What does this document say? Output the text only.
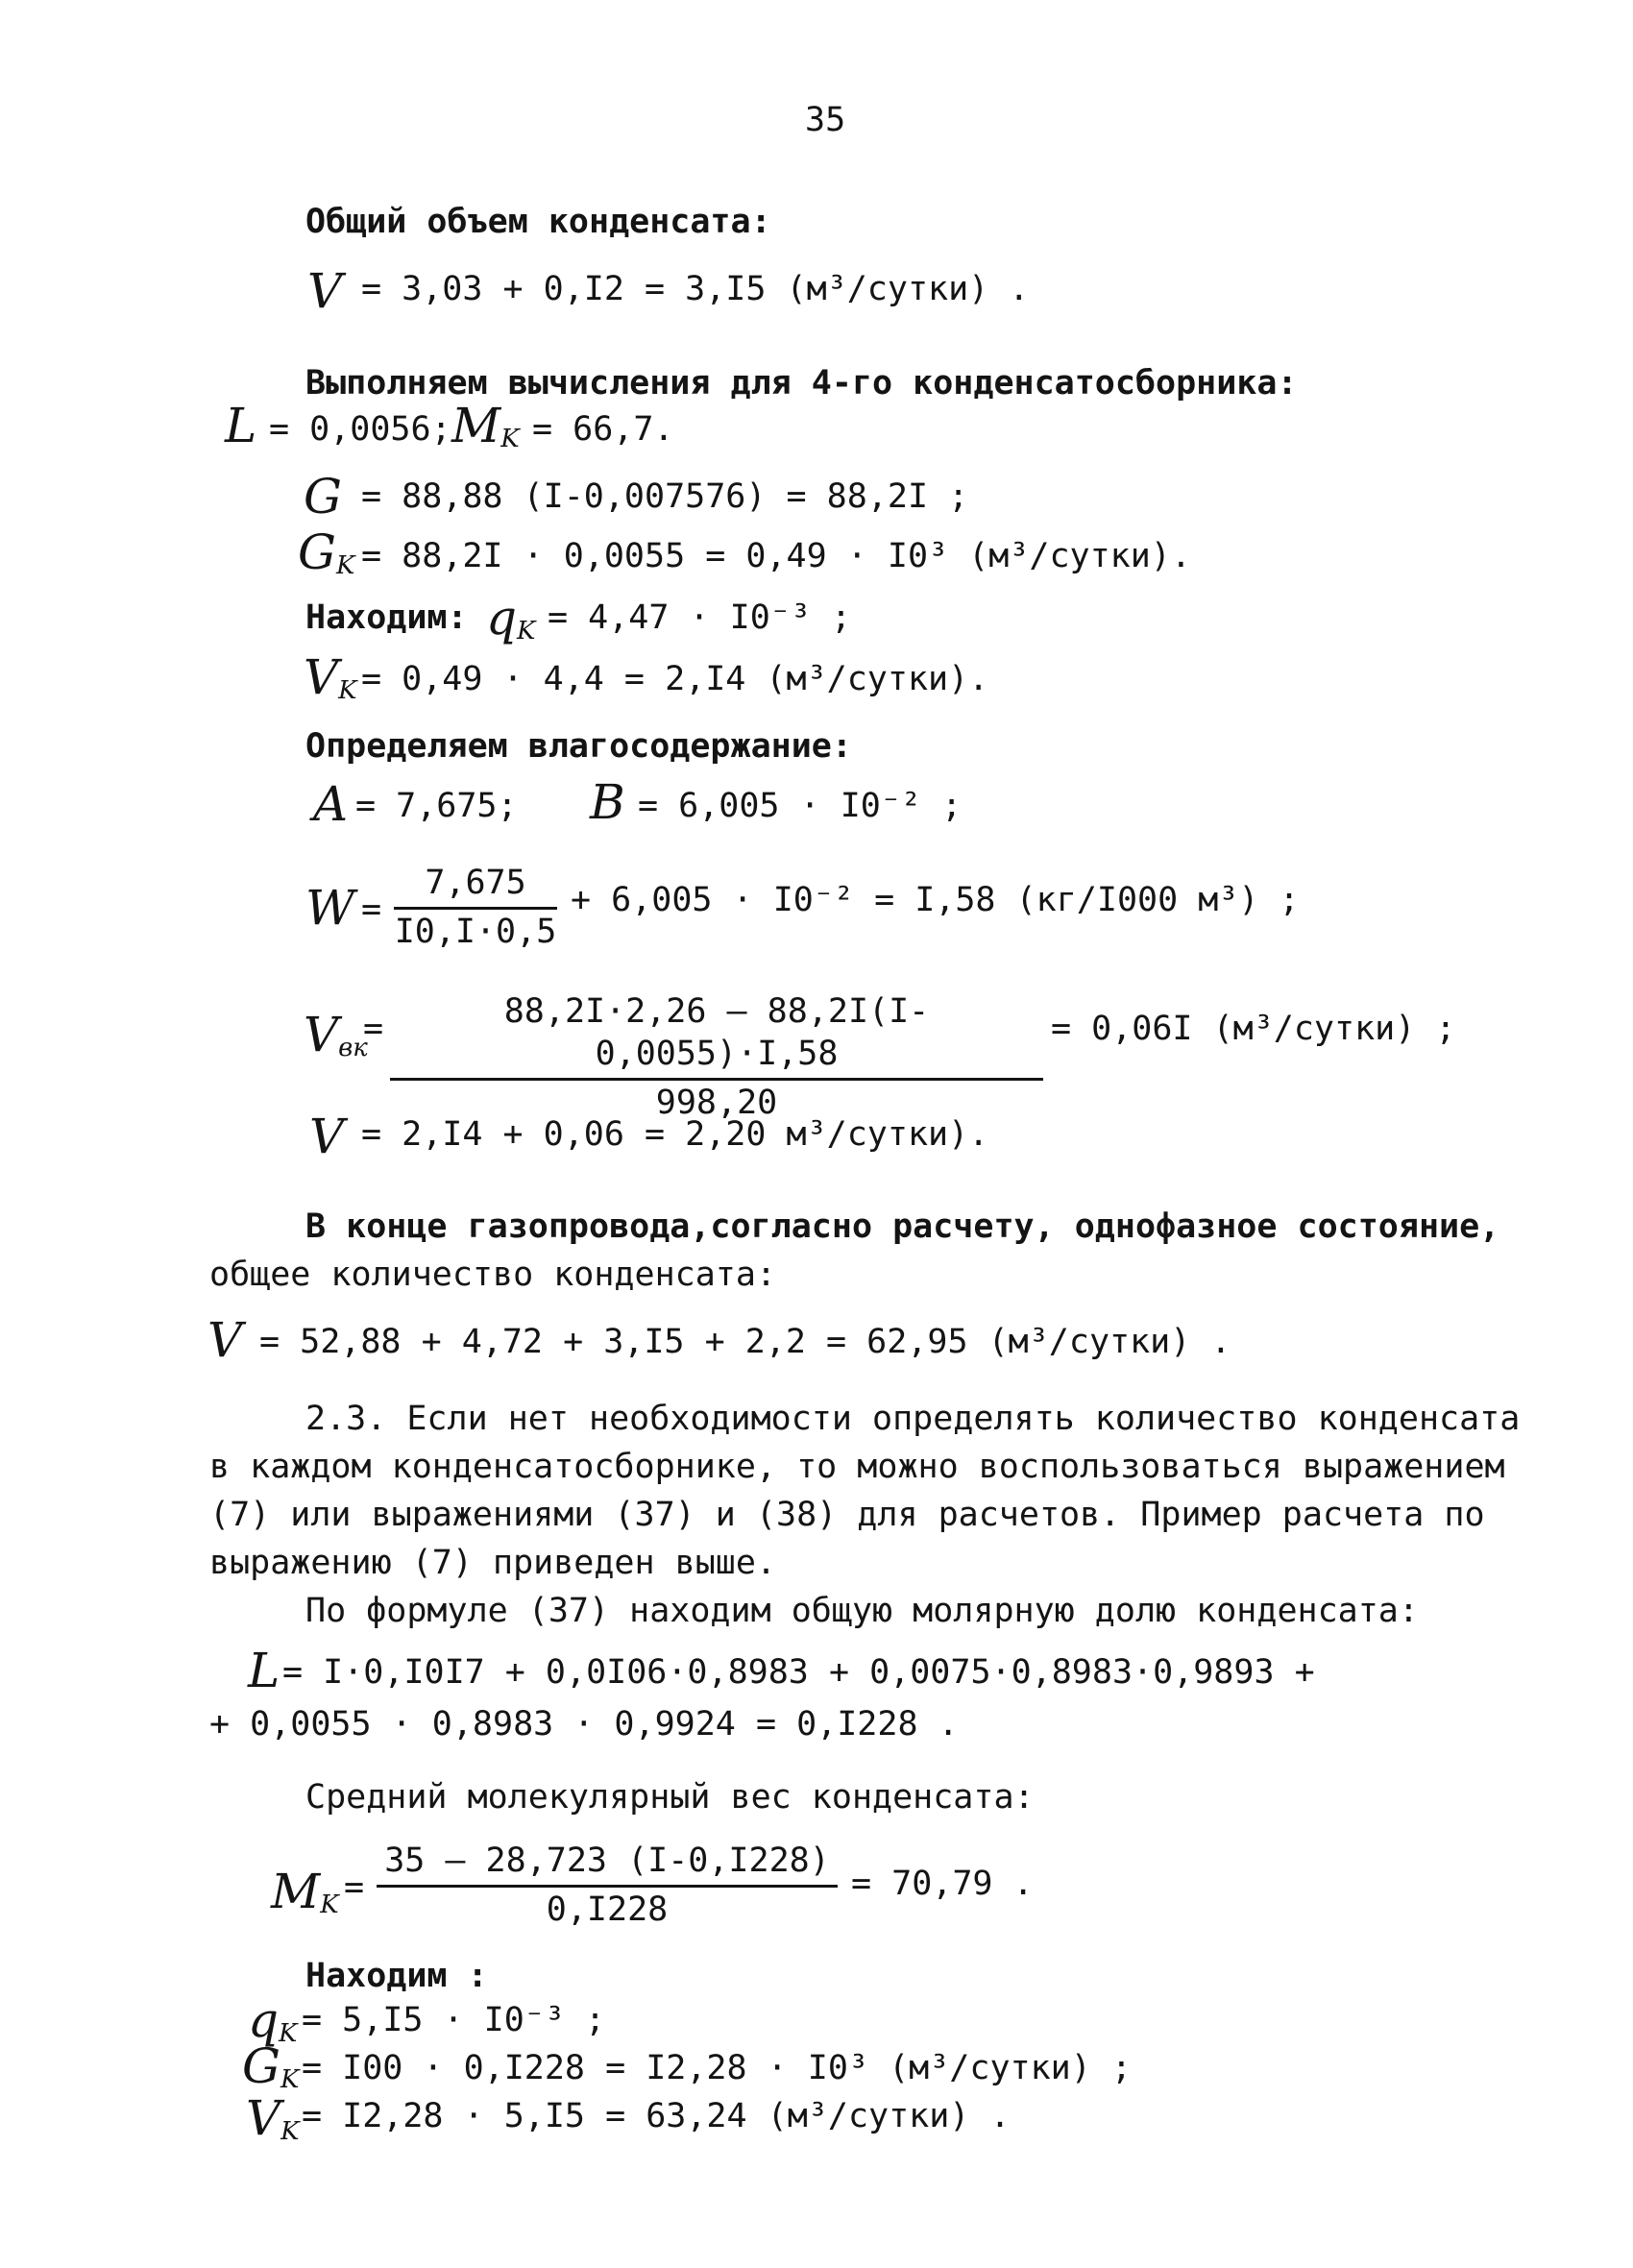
35
Общий объем конденсата:
V = 3,03 + 0,I2 = 3,I5 (м³/сутки) .
Выполняем вычисления для 4-го конденсатосборника:
L = 0,0056; $M_K = 66,7$.
G = 88,88 (I-0,007576) = 88,2I ;
$G_K = 88,2I \cdot 0,0055 = 0,49 \cdot I0^3$ (м³/сутки).
Находим: $q_K = 4,47 \cdot I0^{-3}$ ;
$V_K = 0,49 \cdot 4,4 = 2,I4$ (м³/сутки).
Определяем влагосодержание:
A = 7,675; B = 6,005 · I0⁻² ;
$W = \frac{7,675}{I0,I\cdot 0,5} + 6,005 \cdot I0^{-2} = I,58$ (кг/I000 м³) ;
$V_{вк}$
= $\frac{88,2I\cdot 2,26 - 88,2I(I-0,0055)\cdot I,58}{998,20} = 0,06I$ (м³/сутки) ;
V = 2,I4 + 0,06 = 2,20 м³/сутки).
В конце газопровода,согласно расчету, однофазное состояние,
общее количество конденсата:
V = 52,88 + 4,72 + 3,I5 + 2,2 = 62,95 (м³/сутки) .
2.3. Если нет необходимости определять количество конденсата
в каждом конденсатосборнике, то можно воспользоваться выражением
(7) или выражениями (37) и (38) для расчетов. Пример расчета по
выражению (7) приведен выше.
По формуле (37) находим общую молярную долю конденсата:
L = I·0,I0I7 + 0,0I06·0,8983 + 0,0075·0,8983·0,9893 +
+ 0,0055 · 0,8983 · 0,9924 = 0,I228 .
Средний молекулярный вес конденсата:
$M_K = \frac{35 - 28,723 (I-0,I228)}{0,I228} = 70,79$ .
Находим :
$q_K = 5,I5 \cdot I0^{-3}$ ;
$G_K = I00 \cdot 0,I228 = I2,28 \cdot I0^3$ (м³/сутки) ;
$V_K = I2,28 \cdot 5,I5 = 63,24$ (м³/сутки) .
